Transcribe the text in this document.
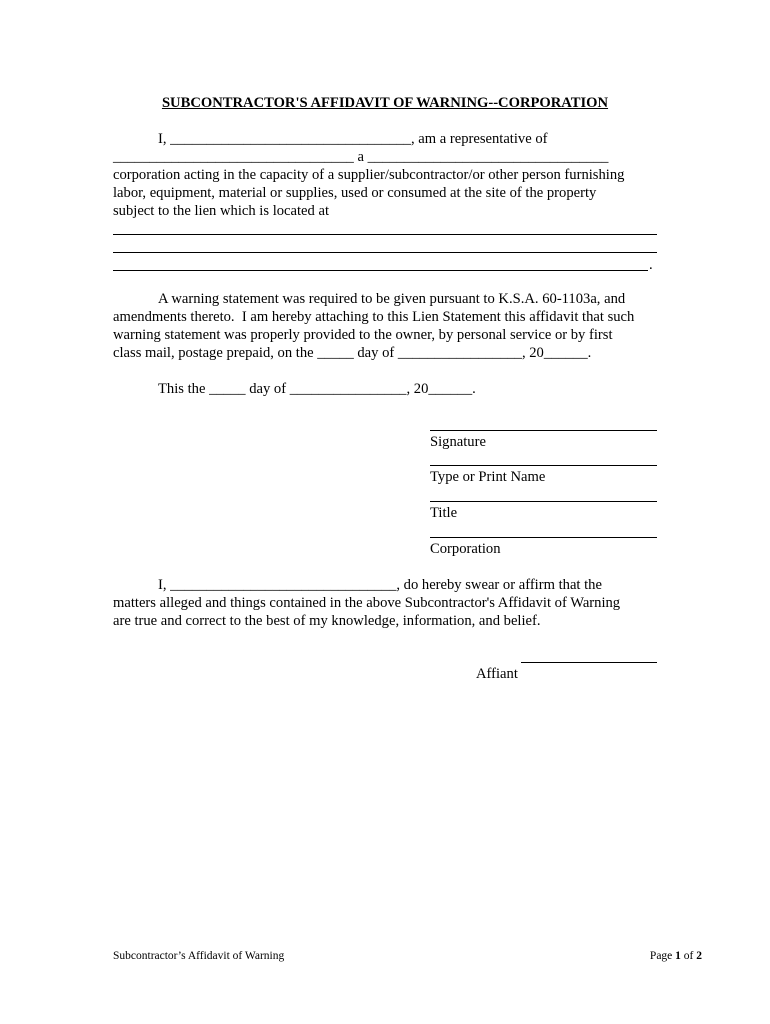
SUBCONTRACTOR'S AFFIDAVIT OF WARNING--CORPORATION
I, _________________________________, am a representative of
_________________________________ a _________________________________
corporation acting in the capacity of a supplier/subcontractor/or other person furnishing
labor, equipment, material or supplies, used or consumed at the site of the property
subject to the lien which is located at
.
A warning statement was required to be given pursuant to K.S.A. 60-1103a, and
amendments thereto.  I am hereby attaching to this Lien Statement this affidavit that such
warning statement was properly provided to the owner, by personal service or by first
class mail, postage prepaid, on the _____ day of _________________, 20______.
This the _____ day of ________________, 20______.
Signature
Type or Print Name
Title
Corporation
I, _______________________________, do hereby swear or affirm that the
matters alleged and things contained in the above Subcontractor's Affidavit of Warning
are true and correct to the best of my knowledge, information, and belief.
Affiant
Subcontractor’s Affidavit of Warning	Page 1 of 2
